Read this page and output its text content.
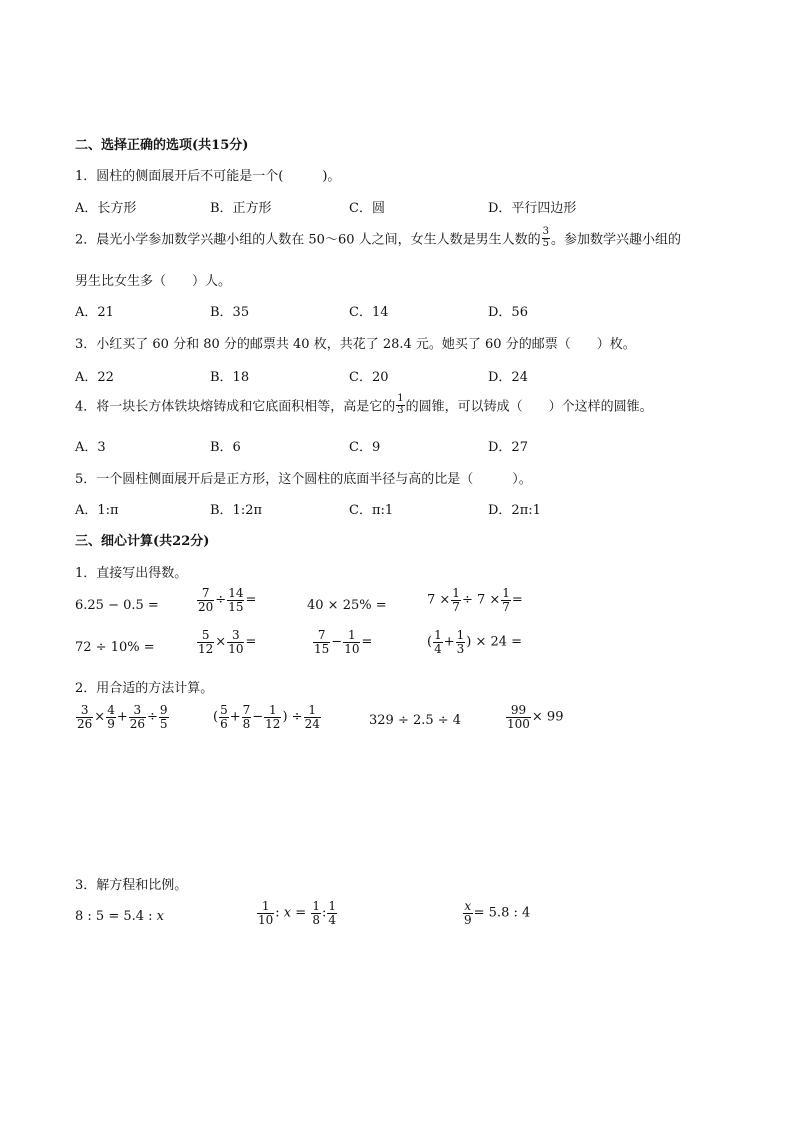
二、选择正确的选项(共15分)
1．圆柱的侧面展开后不可能是一个(　　　)。
A．长方形	B．正方形	C．圆	D．平行四边形
2．晨光小学参加数学兴趣小组的人数在 50～60 人之间，女生人数是男生人数的 $\frac{3}{5}$ 。参加数学兴趣小组的
男生比女生多（　　）人。
A．21	B．35	C．14	D．56
3．小红买了 60 分和 80 分的邮票共 40 枚，共花了 28.4 元。她买了 60 分的邮票（　　）枚。
A．22	B．18	C．20	D．24
4．将一块长方体铁块熔铸成和它底面积相等，高是它的 $\frac{1}{3}$ 的圆锥，可以铸成（　　）个这样的圆锥。
A．3	B．6	C．9	D．27
5．一个圆柱侧面展开后是正方形，这个圆柱的底面半径与高的比是（　　　）。
A．1:π	B．1:2π	C．π:1	D．2π:1
三、细心计算(共22分)
1．直接写出得数。
6.25 − 0.5 =	$\frac{7}{20} \div \frac{14}{15}$ =	40 × 25% =	$7 \times \frac{1}{7} \div 7 \times \frac{1}{7}$ =
72 ÷ 10% =	$\frac{5}{12} \times \frac{3}{10}$ =	$\frac{7}{15} - \frac{1}{10}$ =	( $\frac{1}{4} + \frac{1}{3}$ ) × 24 =
2．用合适的方法计算。
$\frac{3}{26} \times \frac{4}{9} + \frac{3}{26} \div \frac{9}{5}$	( $\frac{5}{6} + \frac{7}{8} - \frac{1}{12}$ ) ÷ $\frac{1}{24}$	329 ÷ 2.5 ÷ 4	$\frac{99}{100} \times 99$
3．解方程和比例。
8 : 5 = 5.4 : x	$\frac{1}{10}$ : $x = \frac{1}{8}$ : $\frac{1}{4}$	$\frac{x}{9} = 5.8$ : 4
